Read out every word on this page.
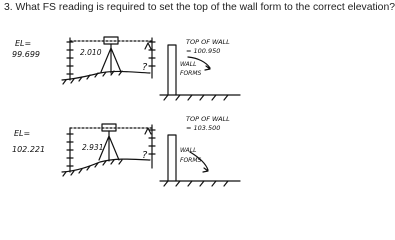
3. What FS reading is required to set the top of the wall form to the correct elevation?
EL=
99.699	2.010
?
TOP OF WALL
= 100.950
WALL
FORMS
EL=
102.221	2.931
?
TOP OF WALL
= 103.500
WALL
FORMS
